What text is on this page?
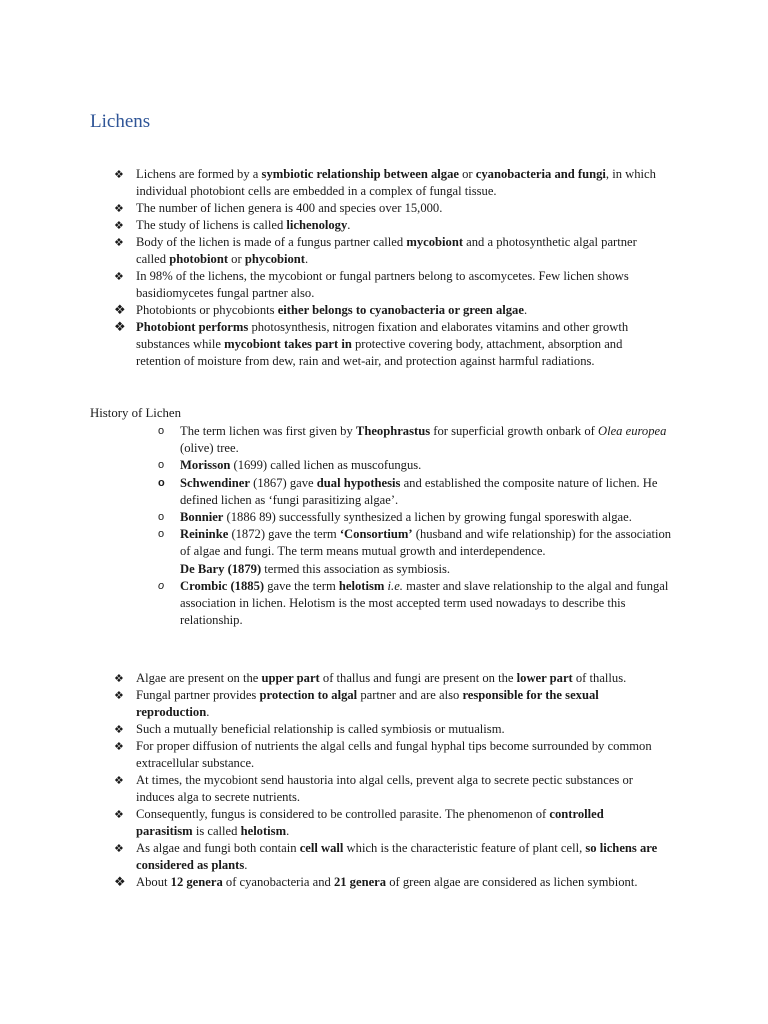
Lichens
❖ Lichens are formed by a symbiotic relationship between algae or cyanobacteria and fungi, in which individual photobiont cells are embedded in a complex of fungal tissue.
❖ The number of lichen genera is 400 and species over 15,000.
❖ The study of lichens is called lichenology.
❖ Body of the lichen is made of a fungus partner called mycobiont and a photosynthetic algal partner called photobiont or phycobiont.
❖ In 98% of the lichens, the mycobiont or fungal partners belong to ascomycetes. Few lichen shows basidiomycetes fungal partner also.
❖ Photobionts or phycobionts either belongs to cyanobacteria or green algae.
❖ Photobiont performs photosynthesis, nitrogen fixation and elaborates vitamins and other growth substances while mycobiont takes part in protective covering body, attachment, absorption and retention of moisture from dew, rain and wet-air, and protection against harmful radiations.
History of Lichen
o	The term lichen was first given by Theophrastus for superficial growth onbark of Olea europea (olive) tree.
o	Morisson (1699) called lichen as muscofungus.
o	Schwendiner (1867) gave dual hypothesis and established the composite nature of lichen. He defined lichen as ‘fungi parasitizing algae’.
o	Bonnier (1886 89) successfully synthesized a lichen by growing fungal sporeswith algae.
o	Reininke (1872) gave the term ‘Consortium’ (husband and wife relationship) for the association of algae and fungi. The term means mutual growth and interdependence.
De Bary (1879) termed this association as symbiosis.
o	Crombic (1885) gave the term helotism i.e. master and slave relationship to the algal and fungal association in lichen. Helotism is the most accepted term used nowadays to describe this relationship.
❖ Algae are present on the upper part of thallus and fungi are present on the lower part of thallus.
❖ Fungal partner provides protection to algal partner and are also responsible for the sexual reproduction.
❖ Such a mutually beneficial relationship is called symbiosis or mutualism.
❖ For proper diffusion of nutrients the algal cells and fungal hyphal tips become surrounded by common extracellular substance.
❖ At times, the mycobiont send haustoria into algal cells, prevent alga to secrete pectic substances or induces alga to secrete nutrients.
❖ Consequently, fungus is considered to be controlled parasite. The phenomenon of controlled parasitism is called helotism.
❖ As algae and fungi both contain cell wall which is the characteristic feature of plant cell, so lichens are considered as plants.
❖ About 12 genera of cyanobacteria and 21 genera of green algae are considered as lichen symbiont.
